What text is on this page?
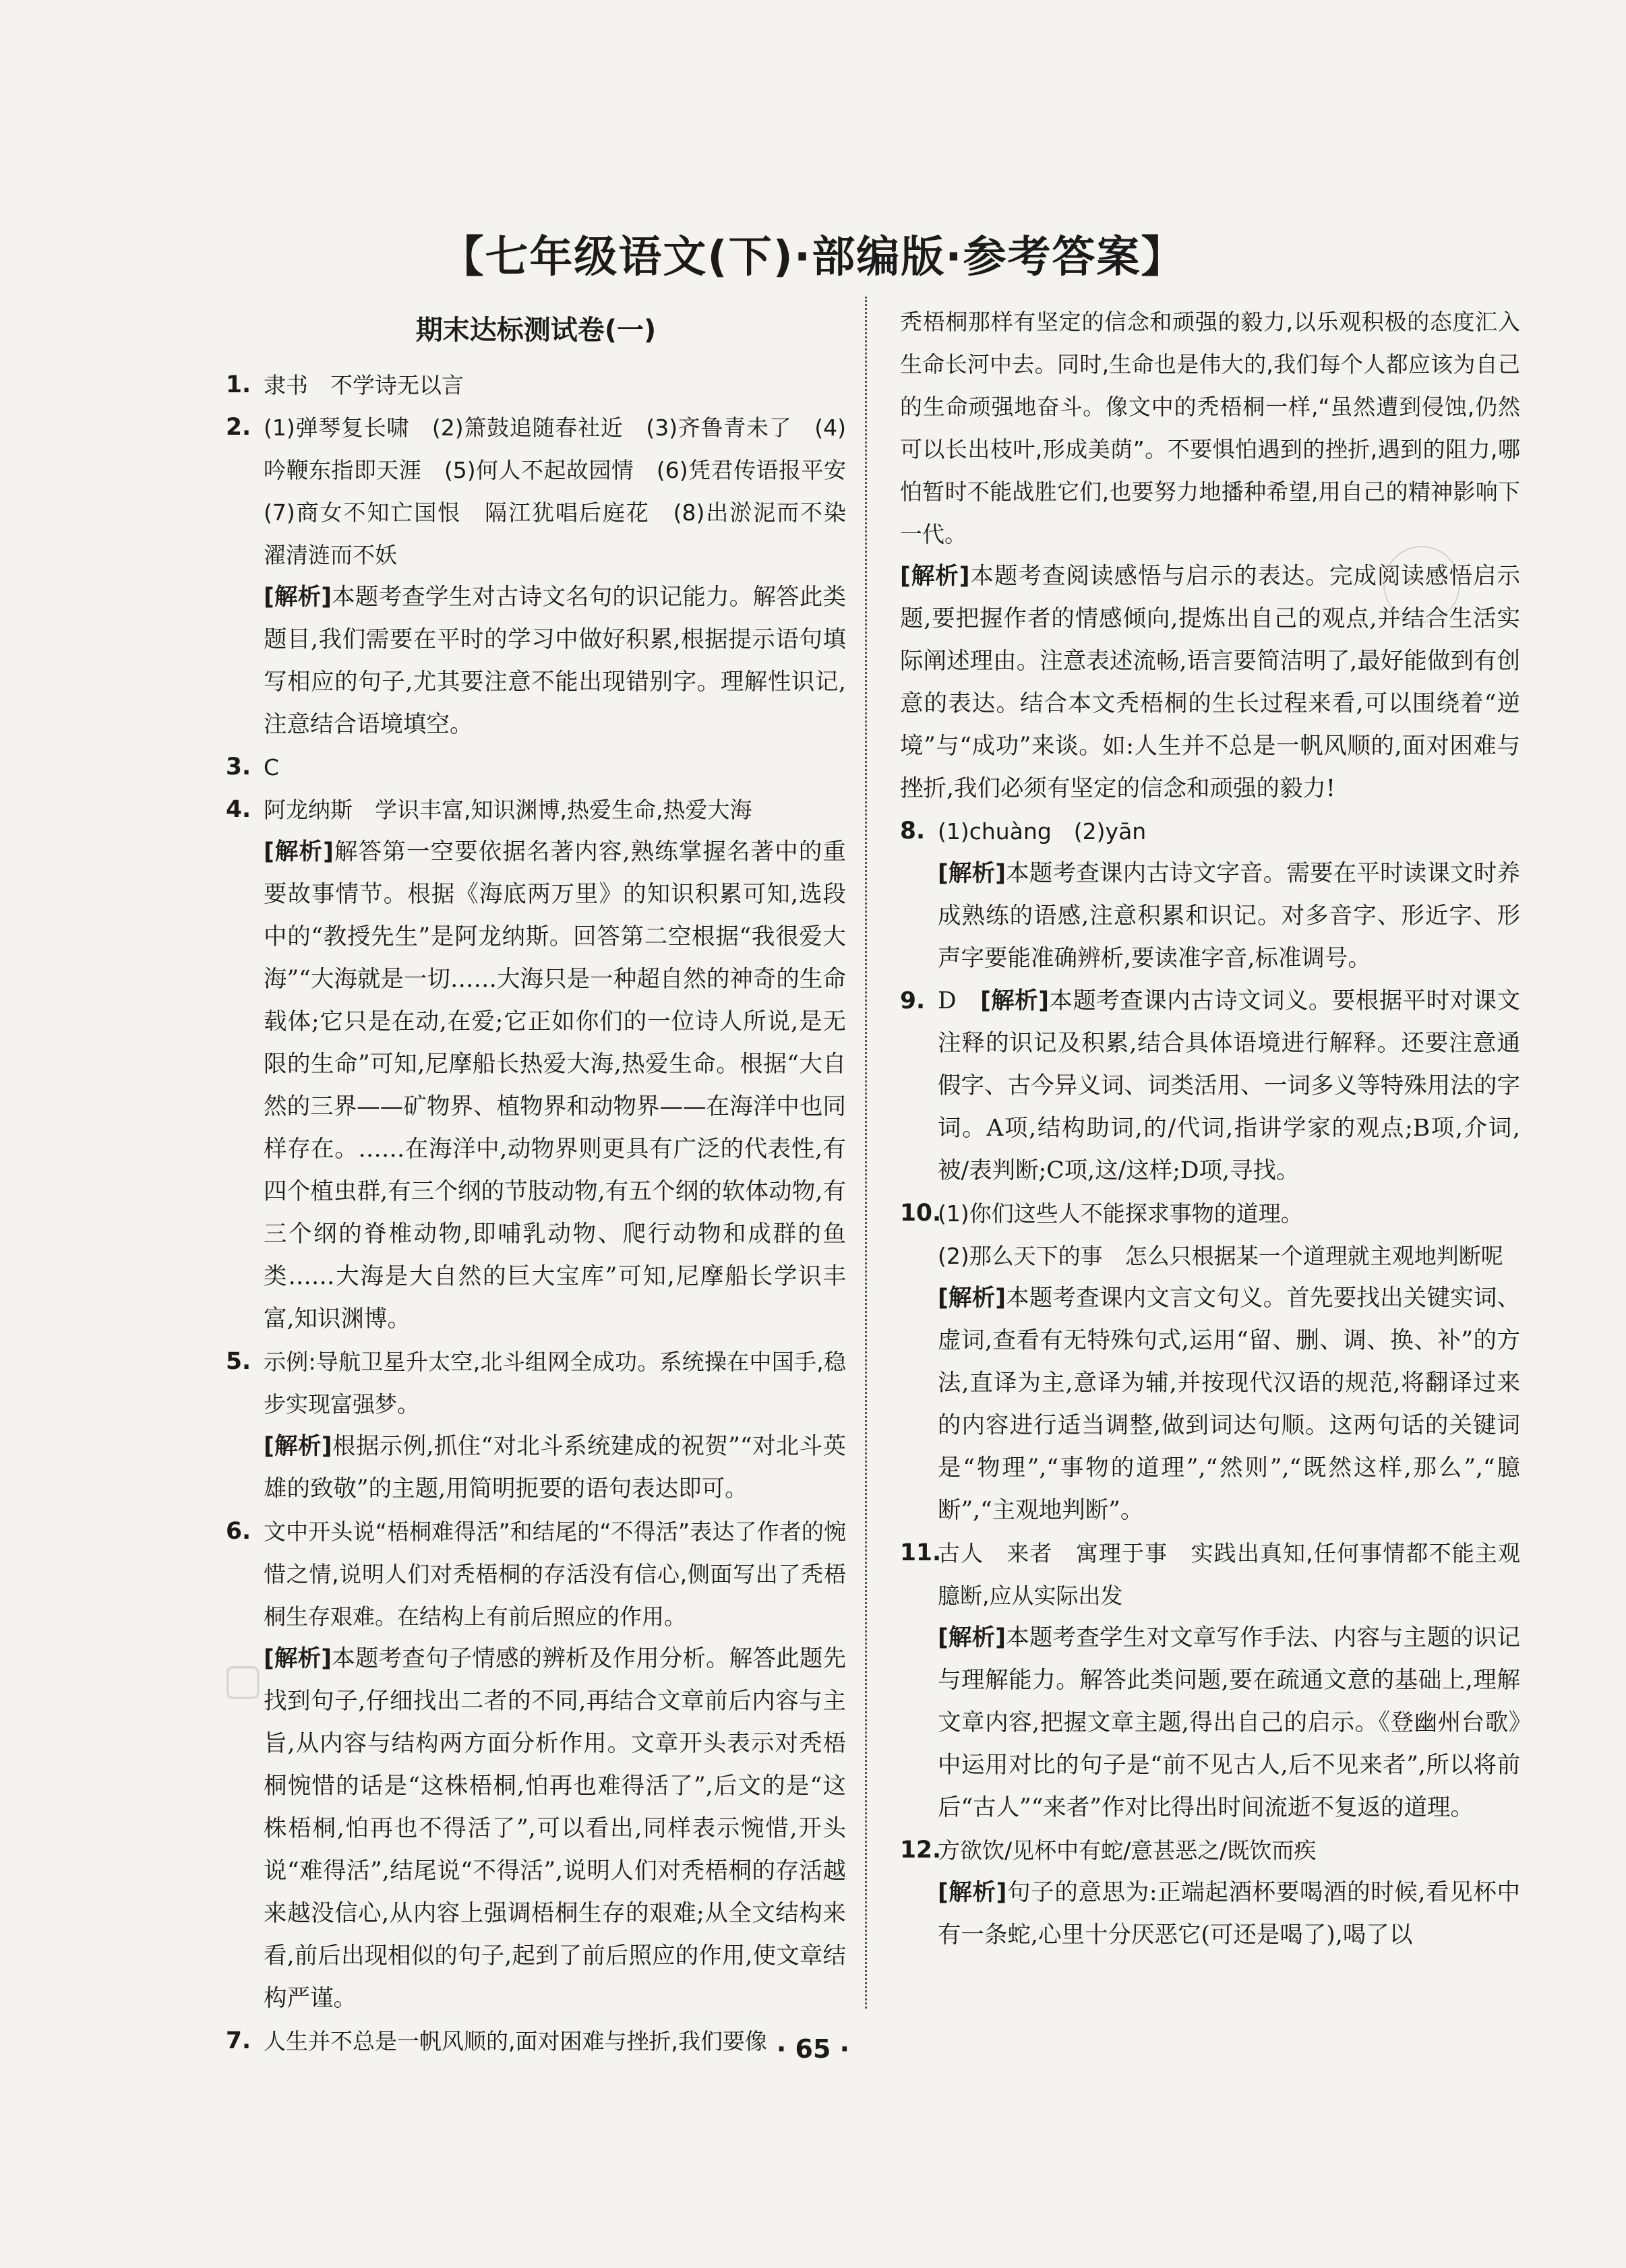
【七年级语文(下)·部编版·参考答案】
期末达标测试卷(一)
1. 隶书　不学诗无以言

2. (1)弹琴复长啸　(2)箫鼓追随春社近　(3)齐鲁青未了　(4)吟鞭东指即天涯　(5)何人不起故园情　(6)凭君传语报平安　(7)商女不知亡国恨　隔江犹唱后庭花　(8)出淤泥而不染　濯清涟而不妖

[解析]本题考查学生对古诗文名句的识记能力。解答此类题目,我们需要在平时的学习中做好积累,根据提示语句填写相应的句子,尤其要注意不能出现错别字。理解性识记,注意结合语境填空。

3. C

4. 阿龙纳斯　学识丰富,知识渊博,热爱生命,热爱大海

[解析]解答第一空要依据名著内容,熟练掌握名著中的重要故事情节。根据《海底两万里》的知识积累可知,选段中的“教授先生”是阿龙纳斯。回答第二空根据“我很爱大海”“大海就是一切……大海只是一种超自然的神奇的生命载体;它只是在动,在爱;它正如你们的一位诗人所说,是无限的生命”可知,尼摩船长热爱大海,热爱生命。根据“大自然的三界——矿物界、植物界和动物界——在海洋中也同样存在。……在海洋中,动物界则更具有广泛的代表性,有四个植虫群,有三个纲的节肢动物,有五个纲的软体动物,有三个纲的脊椎动物,即哺乳动物、爬行动物和成群的鱼类……大海是大自然的巨大宝库”可知,尼摩船长学识丰富,知识渊博。

5. 示例:导航卫星升太空,北斗组网全成功。系统操在中国手,稳步实现富强梦。

[解析]根据示例,抓住“对北斗系统建成的祝贺”“对北斗英雄的致敬”的主题,用简明扼要的语句表达即可。

6. 文中开头说“梧桐难得活”和结尾的“不得活”表达了作者的惋惜之情,说明人们对秃梧桐的存活没有信心,侧面写出了秃梧桐生存艰难。在结构上有前后照应的作用。

[解析]本题考查句子情感的辨析及作用分析。解答此题先找到句子,仔细找出二者的不同,再结合文章前后内容与主旨,从内容与结构两方面分析作用。文章开头表示对秃梧桐惋惜的话是“这株梧桐,怕再也难得活了”,后文的是“这株梧桐,怕再也不得活了”,可以看出,同样表示惋惜,开头说“难得活”,结尾说“不得活”,说明人们对秃梧桐的存活越来越没信心,从内容上强调梧桐生存的艰难;从全文结构来看,前后出现相似的句子,起到了前后照应的作用,使文章结构严谨。

7. 人生并不总是一帆风顺的,面对困难与挫折,我们要像

秃梧桐那样有坚定的信念和顽强的毅力,以乐观积极的态度汇入生命长河中去。同时,生命也是伟大的,我们每个人都应该为自己的生命顽强地奋斗。像文中的秃梧桐一样,“虽然遭到侵蚀,仍然可以长出枝叶,形成美荫”。不要惧怕遇到的挫折,遇到的阻力,哪怕暂时不能战胜它们,也要努力地播种希望,用自己的精神影响下一代。

[解析]本题考查阅读感悟与启示的表达。完成阅读感悟启示题,要把握作者的情感倾向,提炼出自己的观点,并结合生活实际阐述理由。注意表述流畅,语言要简洁明了,最好能做到有创意的表达。结合本文秃梧桐的生长过程来看,可以围绕着“逆境”与“成功”来谈。如:人生并不总是一帆风顺的,面对困难与挫折,我们必须有坚定的信念和顽强的毅力!

8. (1)chuàng　(2)yān

[解析]本题考查课内古诗文字音。需要在平时读课文时养成熟练的语感,注意积累和识记。对多音字、形近字、形声字要能准确辨析,要读准字音,标准调号。

9. D　 [解析]本题考查课内古诗文词义。要根据平时对课文注释的识记及积累,结合具体语境进行解释。还要注意通假字、古今异义词、词类活用、一词多义等特殊用法的字词。A项,结构助词,的/代词,指讲学家的观点;B项,介词,被/表判断;C项,这/这样;D项,寻找。

10.

(1)你们这些人不能探求事物的道理。

(2)那么天下的事　怎么只根据某一个道理就主观地判断呢

[解析]本题考查课内文言文句义。首先要找出关键实词、虚词,查看有无特殊句式,运用“留、删、调、换、补”的方法,直译为主,意译为辅,并按现代汉语的规范,将翻译过来的内容进行适当调整,做到词达句顺。这两句话的关键词是“物理”,“事物的道理”,“然则”,“既然这样,那么”,“臆断”,“主观地判断”。

11.

古人　来者　寓理于事　实践出真知,任何事情都不能主观臆断,应从实际出发

[解析]本题考查学生对文章写作手法、内容与主题的识记与理解能力。解答此类问题,要在疏通文意的基础上,理解文章内容,把握文章主题,得出自己的启示。《登幽州台歌》中运用对比的句子是“前不见古人,后不见来者”,所以将前后“古人”“来者”作对比得出时间流逝不复返的道理。

12.

方欲饮/见杯中有蛇/意甚恶之/既饮而疾

[解析]句子的意思为:正端起酒杯要喝酒的时候,看见杯中有一条蛇,心里十分厌恶它(可还是喝了),喝了以

▢
· 65 ·
